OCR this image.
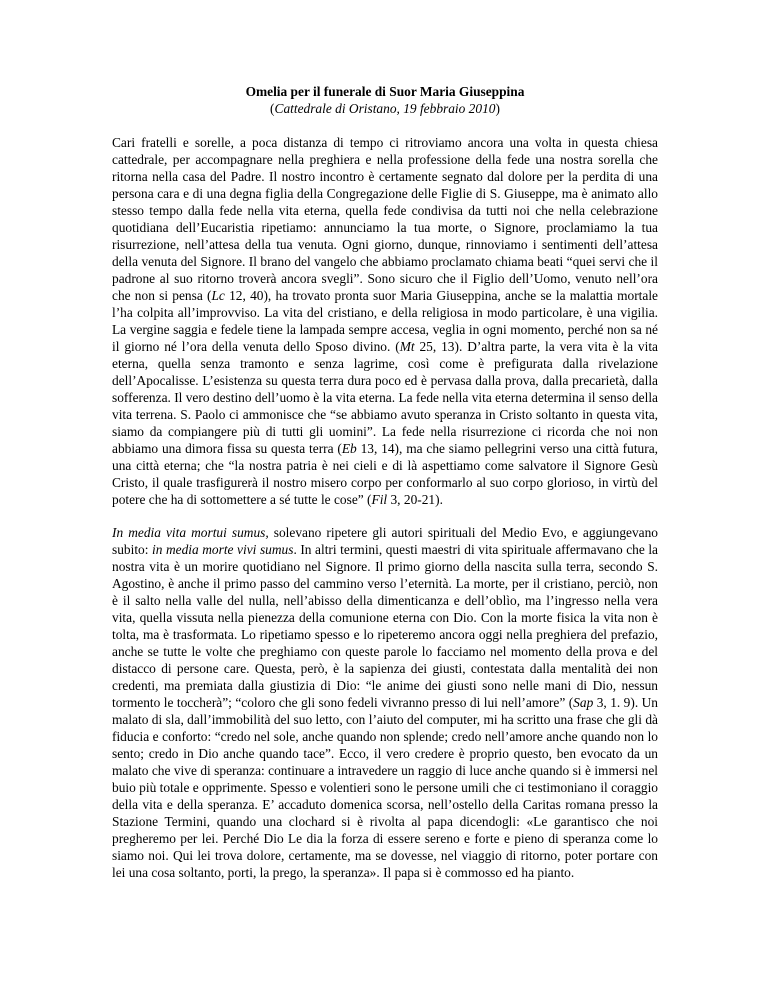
Omelia per il funerale di Suor Maria Giuseppina
(Cattedrale di Oristano, 19 febbraio 2010)

Cari fratelli e sorelle, a poca distanza di tempo ci ritroviamo ancora una volta in questa chiesa cattedrale, per accompagnare nella preghiera e nella professione della fede una nostra sorella che ritorna nella casa del Padre. Il nostro incontro è certamente segnato dal dolore per la perdita di una persona cara e di una degna figlia della Congregazione delle Figlie di S. Giuseppe, ma è animato allo stesso tempo dalla fede nella vita eterna, quella fede condivisa da tutti noi che nella celebrazione quotidiana dell’Eucaristia ripetiamo: annunciamo la tua morte, o Signore, proclamiamo la tua risurrezione, nell’attesa della tua venuta. Ogni giorno, dunque, rinnoviamo i sentimenti dell’attesa della venuta del Signore. Il brano del vangelo che abbiamo proclamato chiama beati “quei servi che il padrone al suo ritorno troverà ancora svegli”. Sono sicuro che il Figlio dell’Uomo, venuto nell’ora che non si pensa (Lc 12, 40), ha trovato pronta suor Maria Giuseppina, anche se la malattia mortale l’ha colpita all’improvviso. La vita del cristiano, e della religiosa in modo particolare, è una vigilia. La vergine saggia e fedele tiene la lampada sempre accesa, veglia in ogni momento, perché non sa né il giorno né l’ora della venuta dello Sposo divino. (Mt 25, 13). D’altra parte, la vera vita è la vita eterna, quella senza tramonto e senza lagrime, così come è prefigurata dalla rivelazione dell’Apocalisse. L’esistenza su questa terra dura poco ed è pervasa dalla prova, dalla precarietà, dalla sofferenza. Il vero destino dell’uomo è la vita eterna. La fede nella vita eterna determina il senso della vita terrena. S. Paolo ci ammonisce che “se abbiamo avuto speranza in Cristo soltanto in questa vita, siamo da compiangere più di tutti gli uomini”. La fede nella risurrezione ci ricorda che noi non abbiamo una dimora fissa su questa terra (Eb 13, 14), ma che siamo pellegrini verso una città futura, una città eterna; che “la nostra patria è nei cieli e di là aspettiamo come salvatore il Signore Gesù Cristo, il quale trasfigurerà il nostro misero corpo per conformarlo al suo corpo glorioso, in virtù del potere che ha di sottomettere a sé tutte le cose” (Fil 3, 20-21).

In media vita mortui sumus, solevano ripetere gli autori spirituali del Medio Evo, e aggiungevano subito: in media morte vivi sumus. In altri termini, questi maestri di vita spirituale affermavano che la nostra vita è un morire quotidiano nel Signore. Il primo giorno della nascita sulla terra, secondo S. Agostino, è anche il primo passo del cammino verso l’eternità. La morte, per il cristiano, perciò, non è il salto nella valle del nulla, nell’abisso della dimenticanza e dell’oblìo, ma l’ingresso nella vera vita, quella vissuta nella pienezza della comunione eterna con Dio. Con la morte fisica la vita non è tolta, ma è trasformata. Lo ripetiamo spesso e lo ripeteremo ancora oggi nella preghiera del prefazio, anche se tutte le volte che preghiamo con queste parole lo facciamo nel momento della prova e del distacco di persone care. Questa, però, è la sapienza dei giusti, contestata dalla mentalità dei non credenti, ma premiata dalla giustizia di Dio: “le anime dei giusti sono nelle mani di Dio, nessun tormento le toccherà”; “coloro che gli sono fedeli vivranno presso di lui nell’amore” (Sap 3, 1. 9). Un malato di sla, dall’immobilità del suo letto, con l’aiuto del computer, mi ha scritto una frase che gli dà fiducia e conforto: “credo nel sole, anche quando non splende; credo nell’amore anche quando non lo sento; credo in Dio anche quando tace”. Ecco, il vero credere è proprio questo, ben evocato da un malato che vive di speranza: continuare a intravedere un raggio di luce anche quando si è immersi nel buio più totale e opprimente. Spesso e volentieri sono le persone umili che ci testimoniano il coraggio della vita e della speranza. E’ accaduto domenica scorsa, nell’ostello della Caritas romana presso la Stazione Termini, quando una clochard si è rivolta al papa dicendogli: «Le garantisco che noi pregheremo per lei. Perché Dio Le dia la forza di essere sereno e forte e pieno di speranza come lo siamo noi. Qui lei trova dolore, certamente, ma se dovesse, nel viaggio di ritorno, poter portare con lei una cosa soltanto, porti, la prego, la speranza». Il papa si è commosso ed ha pianto.
